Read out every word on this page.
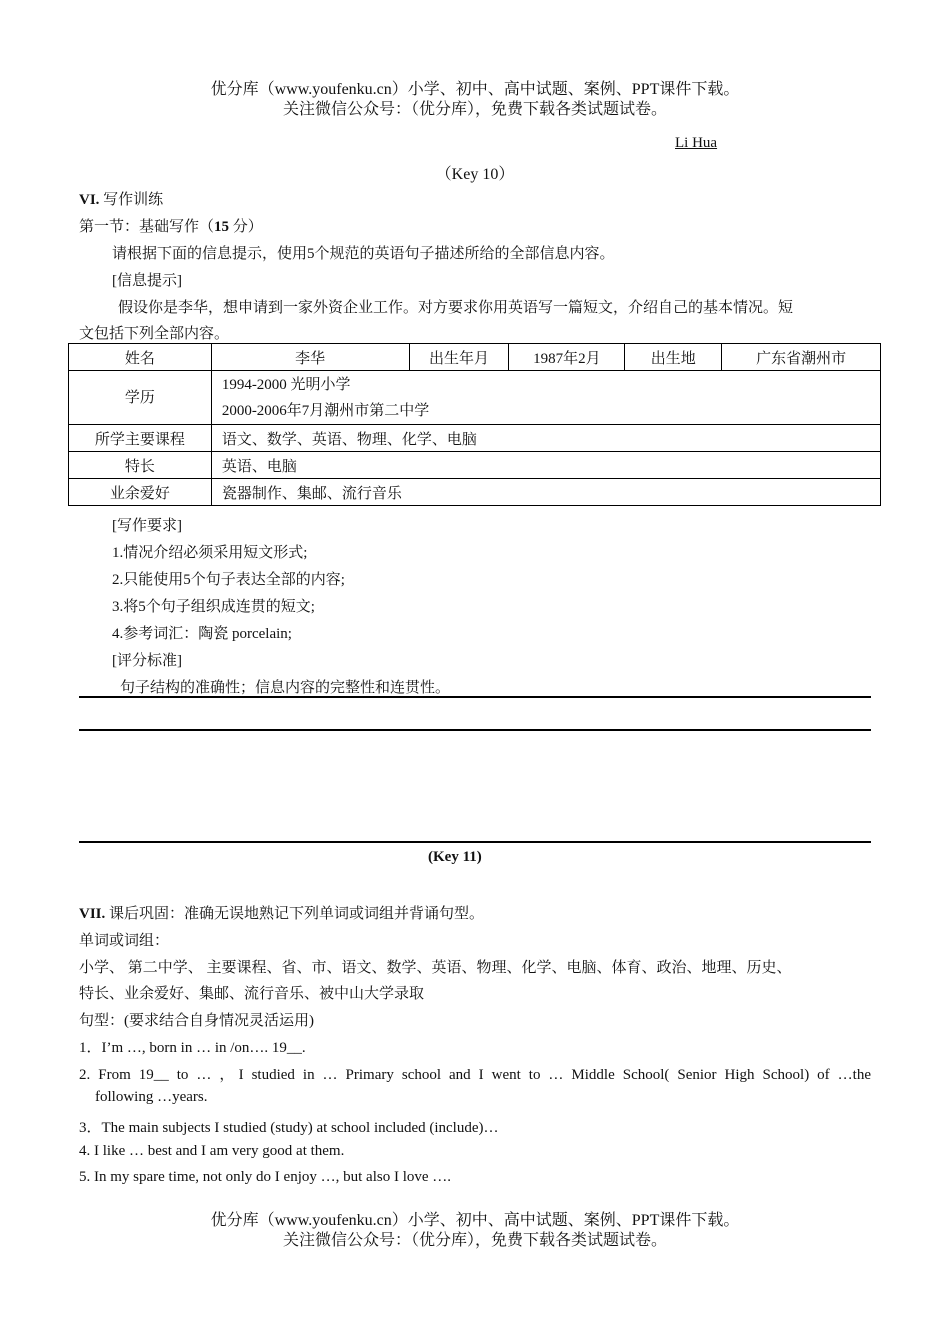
优分库（www.youfenku.cn）小学、初中、高中试题、案例、PPT课件下载。
关注微信公众号：（优分库），免费下载各类试题试卷。
Li Hua
（Key 10）
VI. 写作训练
第一节：基础写作（15 分）
请根据下面的信息提示，使用5个规范的英语句子描述所给的全部信息内容。
[信息提示]
假设你是李华，想申请到一家外资企业工作。对方要求你用英语写一篇短文，介绍自己的基本情况。短
文包括下列全部内容。
姓名	李华	出生年月	1987年2月	出生地	广东省潮州市
学历	1994-2000 光明小学
2000-2006年7月潮州市第二中学				

所学主要课程	语文、数学、英语、物理、化学、电脑				
特长	英语、电脑				
业余爱好	瓷器制作、集邮、流行音乐				
[写作要求]
1.情况介绍必须采用短文形式;
2.只能使用5个句子表达全部的内容;
3.将5个句子组织成连贯的短文;
4.参考词汇：陶瓷 porcelain;
[评分标准]
句子结构的准确性；信息内容的完整性和连贯性。
(Key 11)
VII. 课后巩固：准确无误地熟记下列单词或词组并背诵句型。
单词或词组：
小学、 第二中学、 主要课程、省、市、语文、数学、英语、物理、化学、电脑、体育、政治、地理、历史、
特长、业余爱好、集邮、流行音乐、被中山大学录取
句型：(要求结合自身情况灵活运用)
1．I’m …, born in … in /on…. 19__.
2. From 19__ to … ，I studied in … Primary school and I went to … Middle School( Senior High School) of …the
following …years.
3．The main subjects I studied (study) at school included (include)…
4. I like … best and I am very good at them.
5. In my spare time, not only do I enjoy …, but also I love ….
优分库（www.youfenku.cn）小学、初中、高中试题、案例、PPT课件下载。
关注微信公众号：（优分库），免费下载各类试题试卷。
